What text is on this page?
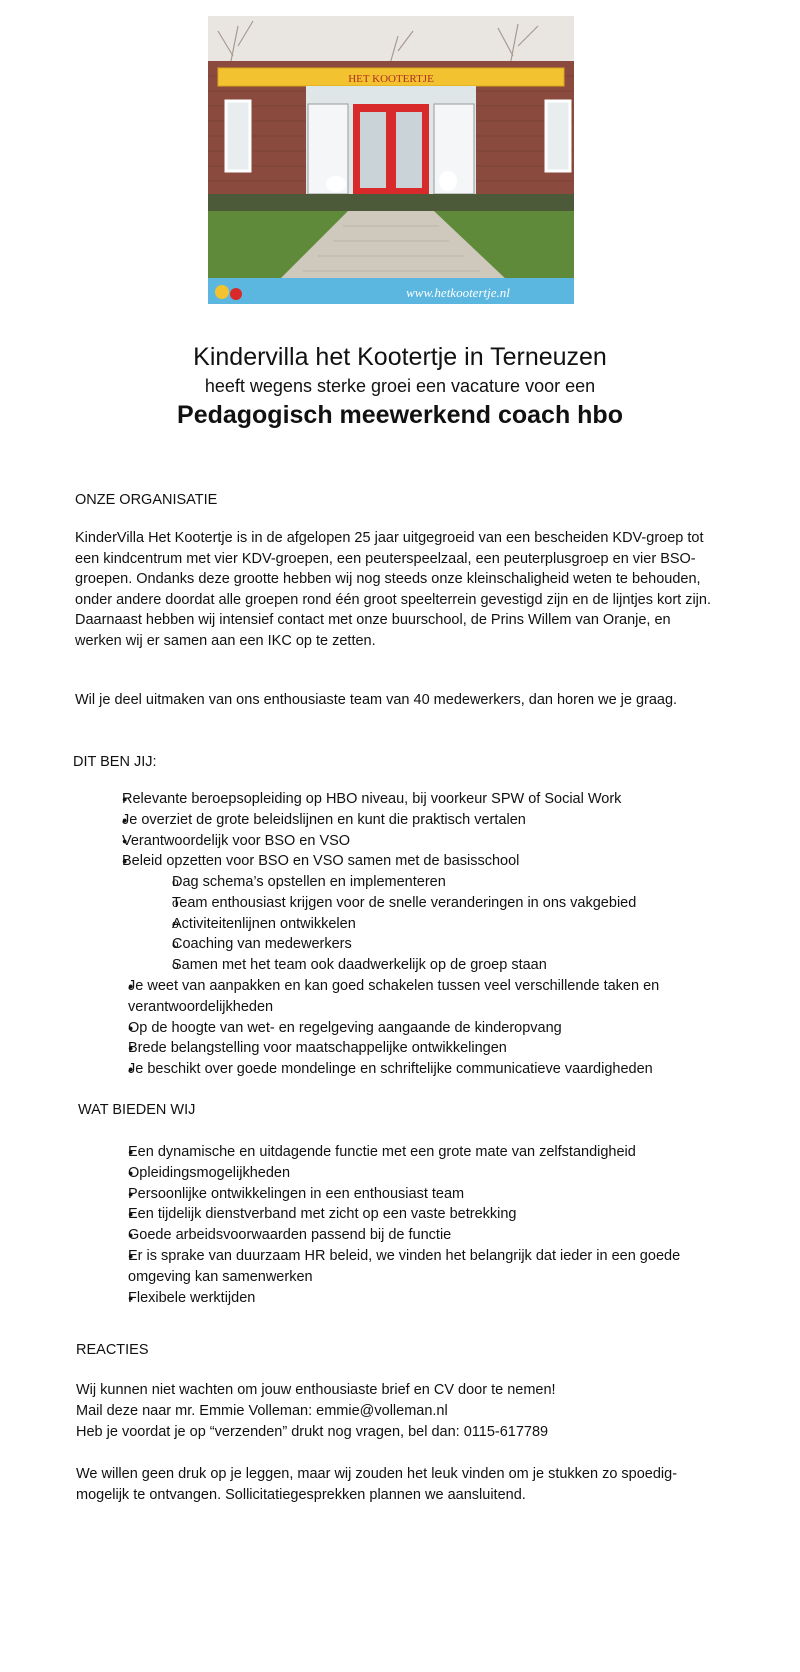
HET KOOTERTJE
www.hetkootertje.nl
Kindervilla het Kootertje in Terneuzen
heeft wegens sterke groei een vacature voor een
Pedagogisch meewerkend coach hbo
ONZE ORGANISATIE
KinderVilla Het Kootertje is in de afgelopen 25 jaar uitgegroeid van een bescheiden KDV-groep tot een kindcentrum met vier KDV-groepen, een peuterspeelzaal, een peuterplusgroep en vier BSO-groepen. Ondanks deze grootte hebben wij nog steeds onze kleinschaligheid weten te behouden, onder andere doordat alle groepen rond één groot speelterrein gevestigd zijn en de lijntjes kort zijn. Daarnaast hebben wij intensief contact met onze buurschool, de Prins Willem van Oranje, en werken wij er samen aan een IKC op te zetten.
Wil je deel uitmaken van ons enthousiaste team van 40 medewerkers, dan horen we je graag.
DIT BEN JIJ:
● Relevante beroepsopleiding op HBO niveau, bij voorkeur SPW of Social Work
● Je overziet de grote beleidslijnen en kunt die praktisch vertalen
● Verantwoordelijk voor BSO en VSO
● Beleid opzetten voor BSO en VSO samen met de basisschool
o Dag schema’s opstellen en implementeren
o Team enthousiast krijgen voor de snelle veranderingen in ons vakgebied
o Activiteitenlijnen ontwikkelen
o Coaching van medewerkers
o Samen met het team ook daadwerkelijk op de groep staan
● Je weet van aanpakken en kan goed schakelen tussen veel verschillende taken en verantwoordelijkheden
● Op de hoogte van wet- en regelgeving aangaande de kinderopvang
● Brede belangstelling voor maatschappelijke ontwikkelingen
● Je beschikt over goede mondelinge en schriftelijke communicatieve vaardigheden
WAT BIEDEN WIJ
● Een dynamische en uitdagende functie met een grote mate van zelfstandigheid
● Opleidingsmogelijkheden
● Persoonlijke ontwikkelingen in een enthousiast team
● Een tijdelijk dienstverband met zicht op een vaste betrekking
● Goede arbeidsvoorwaarden passend bij de functie
● Er is sprake van duurzaam HR beleid, we vinden het belangrijk dat ieder in een goede omgeving kan samenwerken
● Flexibele werktijden
REACTIES
Wij kunnen niet wachten om jouw enthousiaste brief en CV door te nemen!
Mail deze naar mr. Emmie Volleman: emmie@volleman.nl
Heb je voordat je op “verzenden” drukt nog vragen, bel dan: 0115-617789
We willen geen druk op je leggen, maar wij zouden het leuk vinden om je stukken zo spoedig-mogelijk te ontvangen. Sollicitatiegesprekken plannen we aansluitend.
